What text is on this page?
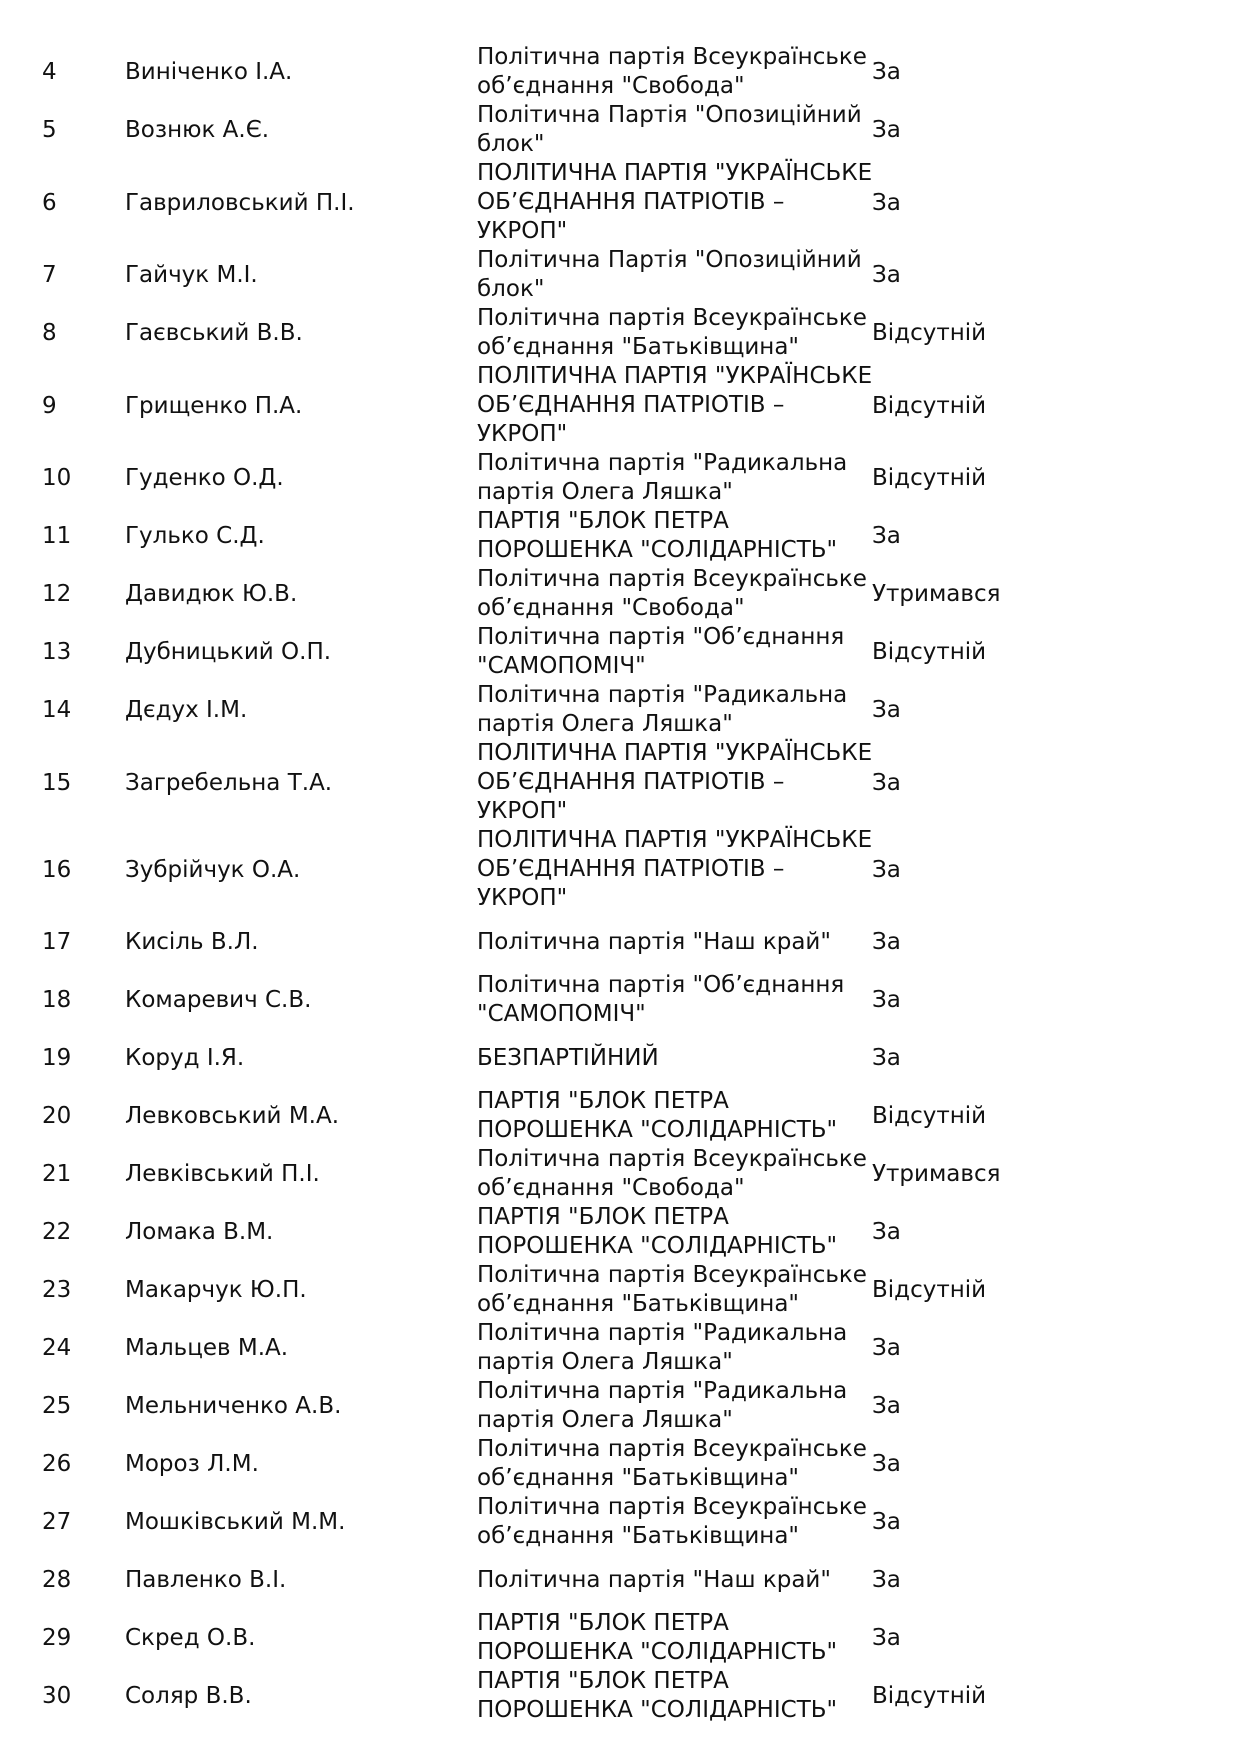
4	Виніченко І.А.
Політична партія Всеукраїнське
об’єднання "Свобода"
За
5	Вознюк А.Є.
Політична Партія "Опозиційний
блок"
За
6	Гавриловський П.І.
ПОЛІТИЧНА ПАРТІЯ "УКРАЇНСЬКЕ
ОБ’ЄДНАННЯ ПАТРІОТІВ –
УКРОП"
За
7	Гайчук М.І.
Політична Партія "Опозиційний
блок"
За
8	Гаєвський В.В.
Політична партія Всеукраїнське
об’єднання "Батьківщина"
Відсутній
9	Грищенко П.А.
ПОЛІТИЧНА ПАРТІЯ "УКРАЇНСЬКЕ
ОБ’ЄДНАННЯ ПАТРІОТІВ –
УКРОП"
Відсутній
10	Гуденко О.Д.
Політична партія "Радикальна
партія Олега Ляшка"
Відсутній
11	Гулько С.Д.
ПАРТІЯ "БЛОК ПЕТРА
ПОРОШЕНКА "СОЛІДАРНІСТЬ"
За
12	Давидюк Ю.В.
Політична партія Всеукраїнське
об’єднання "Свобода"
Утримався
13	Дубницький О.П.
Політична партія "Об’єднання
"САМОПОМІЧ"
Відсутній
14	Дєдух І.М.
Політична партія "Радикальна
партія Олега Ляшка"
За
15	Загребельна Т.А.
ПОЛІТИЧНА ПАРТІЯ "УКРАЇНСЬКЕ
ОБ’ЄДНАННЯ ПАТРІОТІВ –
УКРОП"
За
16	Зубрійчук О.А.
ПОЛІТИЧНА ПАРТІЯ "УКРАЇНСЬКЕ
ОБ’ЄДНАННЯ ПАТРІОТІВ –
УКРОП"
За
17	Кисіль В.Л.	Політична партія "Наш край" За
18	Комаревич С.В.
Політична партія "Об’єднання
"САМОПОМІЧ"
За
19	Коруд І.Я.	БЕЗПАРТІЙНИЙ	За
20	Левковський М.А.
ПАРТІЯ "БЛОК ПЕТРА
ПОРОШЕНКА "СОЛІДАРНІСТЬ"
Відсутній
21	Левківський П.І.
Політична партія Всеукраїнське
об’єднання "Свобода"
Утримався
22	Ломака В.М.
ПАРТІЯ "БЛОК ПЕТРА
ПОРОШЕНКА "СОЛІДАРНІСТЬ"
За
23	Макарчук Ю.П.
Політична партія Всеукраїнське
об’єднання "Батьківщина"
Відсутній
24	Мальцев М.А.
Політична партія "Радикальна
партія Олега Ляшка"
За
25	Мельниченко А.В.
Політична партія "Радикальна
партія Олега Ляшка"
За
26	Мороз Л.М.
Політична партія Всеукраїнське
об’єднання "Батьківщина"
За
27	Мошківський М.М.
Політична партія Всеукраїнське
об’єднання "Батьківщина"
За
28	Павленко В.І.	Політична партія "Наш край" За
29	Скред О.В.
ПАРТІЯ "БЛОК ПЕТРА
ПОРОШЕНКА "СОЛІДАРНІСТЬ"
За
30	Соляр В.В.
ПАРТІЯ "БЛОК ПЕТРА
ПОРОШЕНКА "СОЛІДАРНІСТЬ"
Відсутній
